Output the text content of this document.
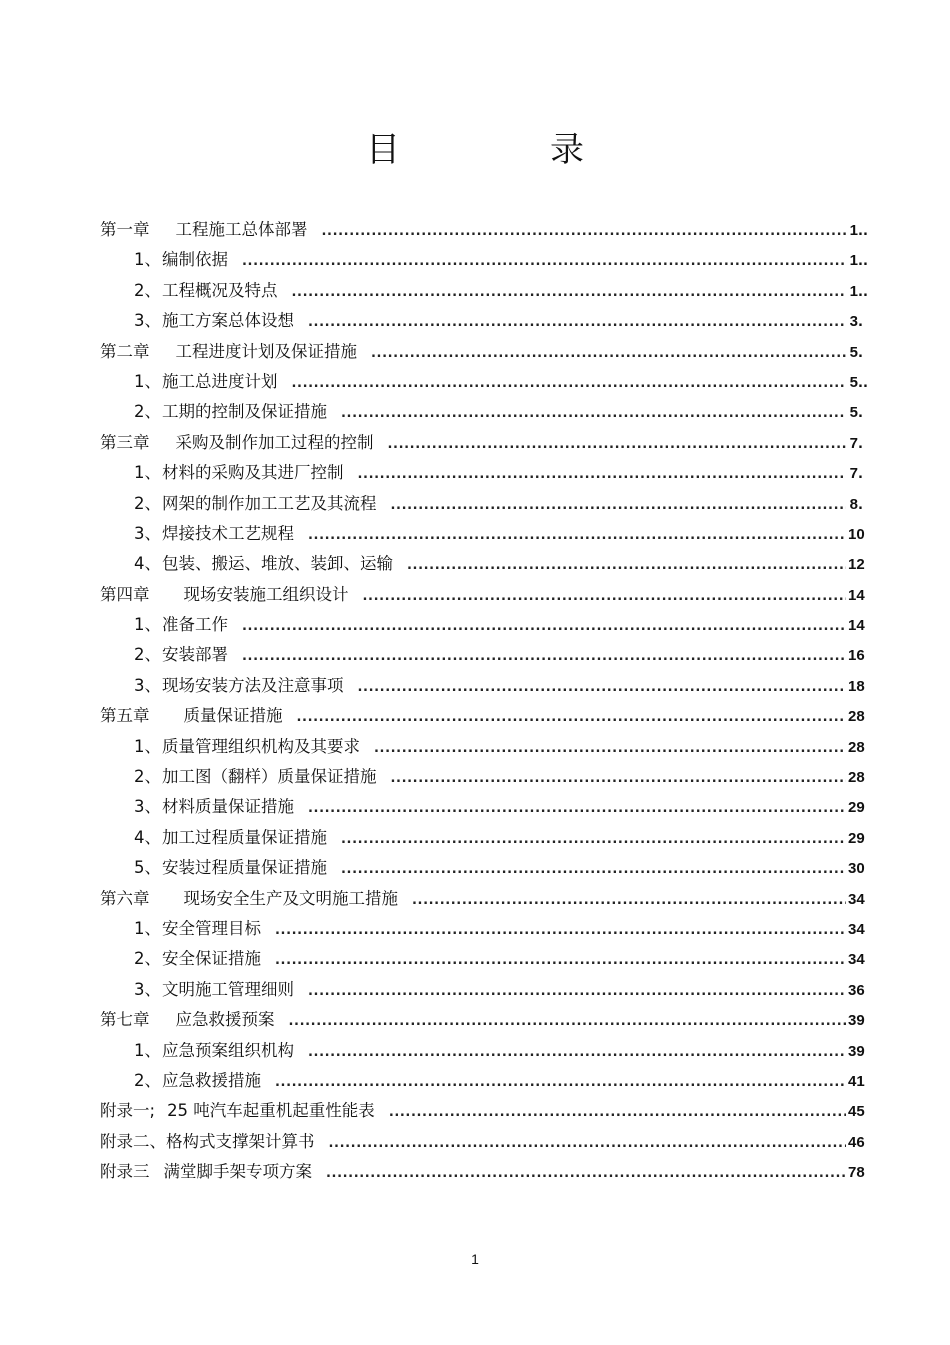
目　录
第一章 工程施工总体部署 .....	1 ..
1、 编制依据 .....	1 ..
2、 工程概况及特点 .....	1 ..
3、 施工方案总体设想 .....	3 .
第二章 工程进度计划及保证措施 .....	5 .
1、 施工总进度计划 .....	5 ..
2、 工期的控制及保证措施 .....	5 .
第三章 采购及制作加工过程的控制 .....	7 .
1、 材料的采购及其进厂控制 .....	7 .
2、 网架的制作加工工艺及其流程 .....	8 .
3、 焊接技术工艺规程 .....	10
4、 包装、搬运、堆放、装卸、运输 .....	12
第四章 现场安装施工组织设计 .....	14
1、 准备工作 .....	14
2、 安装部署 .....	16
3、 现场安装方法及注意事项 .....	18
第五章 质量保证措施 .....	28
1、 质量管理组织机构及其要求 .....	28
2、 加工图（翻样）质量保证措施 .....	28
3、 材料质量保证措施 .....	29
4、 加工过程质量保证措施 .....	29
5、 安装过程质量保证措施 .....	30
第六章 现场安全生产及文明施工措施 .....	34
1、 安全管理目标 .....	34
2、 安全保证措施 .....	34
3、 文明施工管理细则 .....	36
第七章 应急救援预案 .....	39
1、 应急预案组织机构 .....	39
2、 应急救援措施 .....	41
附录一; 25 吨汽车起重机起重性能表 .....	45
附录二、 格构式支撑架计算书 .....	46
附录三 满堂脚手架专项方案 .....	78
1
